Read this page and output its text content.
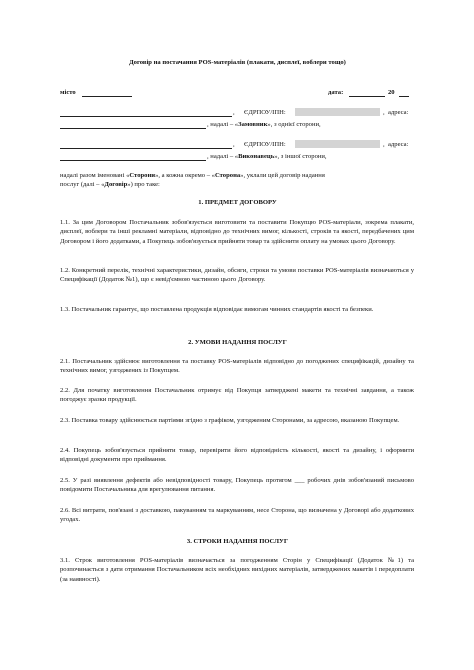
Договір на постачання POS-матеріалів (плакати, дисплеї, воблери тощо)
місто	дата:	20
, ЄДРПОУ/ІПН:	, адреса:
, надалі – «Замовник», з однієї сторони,
, ЄДРПОУ/ІПН:	, адреса:
, надалі – «Виконавець», з іншої сторони,
надалі разом іменовані «Сторони», а кожна окремо – «Сторона», уклали цей договір надання
послуг (далі – «Договір») про таке:
1. ПРЕДМЕТ ДОГОВОРУ
1.1. За цим Договором Постачальник зобов'язується виготовити та поставити Покупцю POS-матеріали, зокрема плакати, дисплеї, воблери та інші рекламні матеріали, відповідно до технічних вимог, кількості, строків та якості, передбачених цим Договором і його додатками, а Покупець зобов'язується прийняти товар та здійснити оплату на умовах цього Договору.
1.2. Конкретний перелік, технічні характеристики, дизайн, обсяги, строки та умови поставки POS-матеріалів визначаються у Специфікації (Додаток №1), що є невід'ємною частиною цього Договору.
1.3. Постачальник гарантує, що поставлена продукція відповідає вимогам чинних стандартів якості та безпеки.
2. УМОВИ НАДАННЯ ПОСЛУГ
2.1. Постачальник здійснює виготовлення та поставку POS-матеріалів відповідно до погоджених специфікацій, дизайну та технічних вимог, узгоджених із Покупцем.
2.2. Для початку виготовлення Постачальник отримує від Покупця затверджені макети та технічні завдання, а також погоджує зразки продукції.
2.3. Поставка товару здійснюється партіями згідно з графіком, узгодженим Сторонами, за адресою, вказаною Покупцем.
2.4. Покупець зобов'язується прийняти товар, перевірити його відповідність кількості, якості та дизайну, і оформити відповідні документи про приймання.
2.5. У разі виявлення дефектів або невідповідності товару, Покупець протягом ___ робочих днів зобов'язаний письмово повідомити Постачальника для врегулювання питання.
2.6. Всі витрати, пов'язані з доставкою, пакуванням та маркуванням, несе Сторона, що визначена у Договорі або додаткових угодах.
3. СТРОКИ НАДАННЯ ПОСЛУГ
3.1. Строк виготовлення POS-матеріалів визначається за погодженням Сторін у Специфікації (Додаток №1) та розпочинається з дати отримання Постачальником всіх необхідних вихідних матеріалів, затверджених макетів і передоплати (за наявності).
